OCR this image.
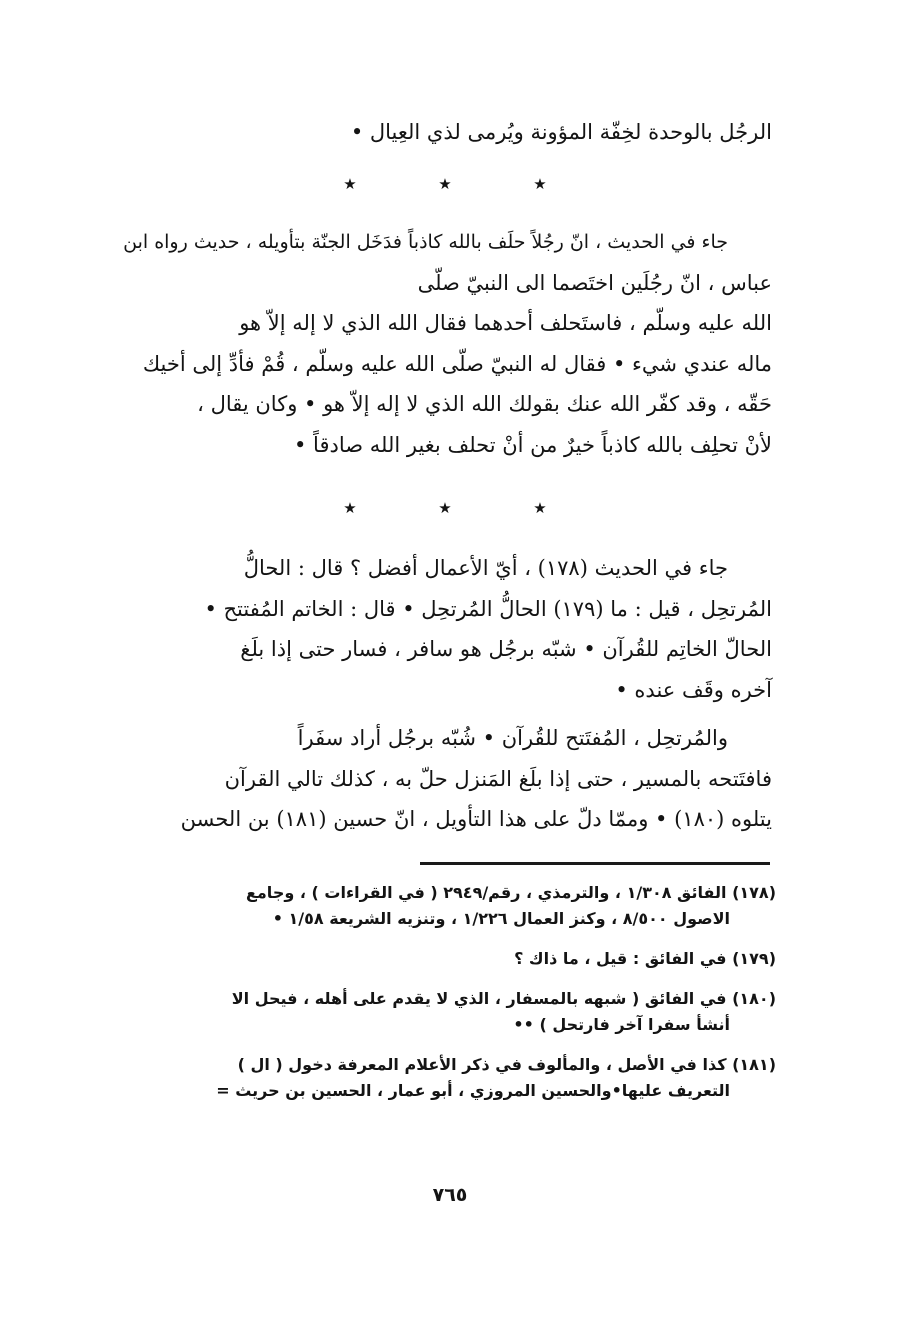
الرجُل بالوحدة لخِفّة المؤونة ويُرمى لذي العِيال •
★	★	★
جاء في الحديث ، انّ رجُلاً حلَف بالله كاذباً فدَخَل الجنّة بتأويله ، حديث رواه ابن
عباس ، انّ رجُلَين اختَصما الى النبيّ صلّى
الله عليه وسلّم ، فاستَحلف أحدهما فقال الله الذي لا إله إلاّ هو
ماله عندي شيء • فقال له النبيّ صلّى الله عليه وسلّم ، قُمْ فأدِّ إلى أخيك
حَقّه ، وقد كفّر الله عنك بقولك الله الذي لا إله إلاّ هو • وكان يقال ،
لأنْ تحلِف بالله كاذباً خيرٌ من أنْ تحلف بغير الله صادقاً •
★	★	★
جاء في الحديث (١٧٨) ، أيّ الأعمال أفضل ؟ قال : الحالُّ
المُرتحِل ، قيل : ما (١٧٩) الحالُّ المُرتحِل • قال : الخاتم المُفتتح •
الحالّ الخاتِم للقُرآن • شبّه برجُل هو سافر ، فسار حتى إذا بلَغ
آخره وقَف عنده •
والمُرتحِل ، المُفتَتح للقُرآن • شُبّه برجُل أراد سفَراً
فافتَتحه بالمسير ، حتى إذا بلَغ المَنزل حلّ به ، كذلك تالي القرآن
يتلوه (١٨٠) • وممّا دلّ على هذا التأويل ، انّ حسين (١٨١) بن الحسن
(١٧٨) الفائق ١/٣٠٨ ، والترمذي ، رقم/٢٩٤٩ ( في القراءات ) ، وجامع
الاصول ٨/٥٠٠ ، وكنز العمال ١/٢٢٦ ، وتنزيه الشريعة ١/٥٨ •
(١٧٩) في الفائق : قيل ، ما ذاك ؟
(١٨٠) في الفائق ( شبهه بالمسفار ، الذي لا يقدم على أهله ، فيحل الا
أنشأ سفرا آخر فارتحل ) ••
(١٨١) كذا في الأصل ، والمألوف في ذكر الأعلام المعرفة دخول ( ال )
التعريف عليها•والحسين المروزي ، أبو عمار ، الحسين بن حريث =
٧٦٥
